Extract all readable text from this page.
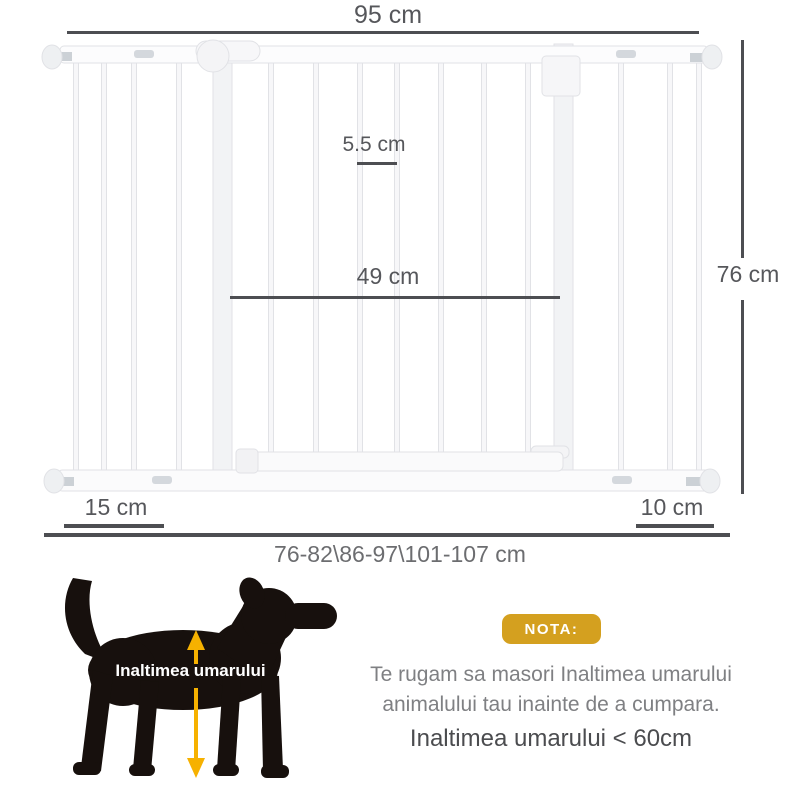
95 cm
5.5 cm
49 cm	76 cm
15 cm	10 cm
76-82\86-97\101-107 cm
Inaltimea umarului
NOTA:
Te rugam sa masori Inaltimea umarului
animalului tau inainte de a cumpara.
Inaltimea umarului < 60cm
